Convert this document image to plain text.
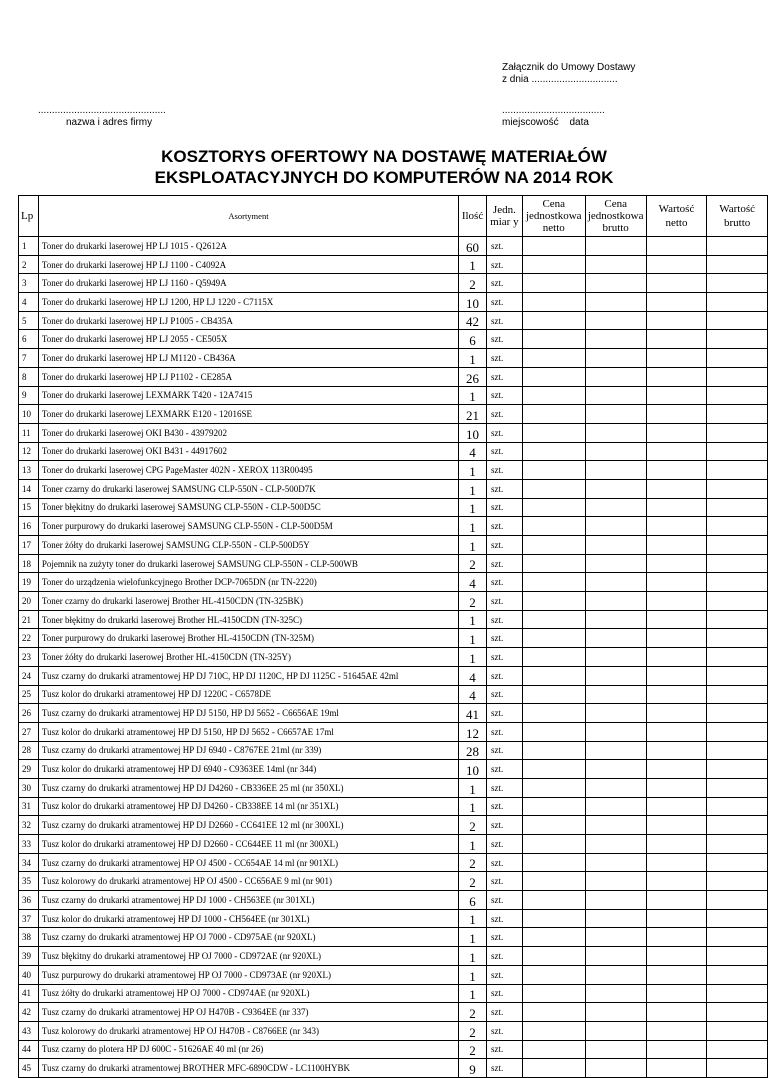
Załącznik do Umowy Dostawy
z dnia ...............................
..............................................
nazwa i adres firmy
.....................................
miejscowość data
KOSZTORYS OFERTOWY NA DOSTAWĘ MATERIAŁÓW
EKSPLOATACYJNYCH DO KOMPUTERÓW NA 2014 ROK
Lp	Asortyment	Ilość	Jedn. miar y	Cena jednostkowa netto	Cena jednostkowa brutto	Wartość netto	Wartość brutto
1	Toner do drukarki laserowej HP LJ 1015 - Q2612A	60	szt.				
2	Toner do drukarki laserowej HP LJ 1100 - C4092A	1	szt.				
3	Toner do drukarki laserowej HP LJ 1160 - Q5949A	2	szt.				
4	Toner do drukarki laserowej HP LJ 1200, HP LJ 1220 - C7115X	10	szt.				
5	Toner do drukarki laserowej HP LJ P1005 - CB435A	42	szt.				
6	Toner do drukarki laserowej HP LJ 2055 - CE505X	6	szt.				
7	Toner do drukarki laserowej HP LJ M1120 - CB436A	1	szt.				
8	Toner do drukarki laserowej HP LJ P1102 - CE285A	26	szt.				
9	Toner do drukarki laserowej LEXMARK T420 - 12A7415	1	szt.				
10	Toner do drukarki laserowej LEXMARK E120 - 12016SE	21	szt.				
11	Toner do drukarki laserowej OKI B430 - 43979202	10	szt.				
12	Toner do drukarki laserowej OKI B431 - 44917602	4	szt.				
13	Toner do drukarki laserowej CPG PageMaster 402N - XEROX 113R00495	1	szt.				
14	Toner czarny do drukarki laserowej SAMSUNG CLP-550N - CLP-500D7K	1	szt.				
15	Toner błękitny do drukarki laserowej SAMSUNG CLP-550N - CLP-500D5C	1	szt.				
16	Toner purpurowy do drukarki laserowej SAMSUNG CLP-550N - CLP-500D5M	1	szt.				
17	Toner żółty do drukarki laserowej SAMSUNG CLP-550N - CLP-500D5Y	1	szt.				
18	Pojemnik na zużyty toner do drukarki laserowej SAMSUNG CLP-550N - CLP-500WB	2	szt.				
19	Toner do urządzenia wielofunkcyjnego Brother DCP-7065DN (nr TN-2220)	4	szt.				
20	Toner czarny do drukarki laserowej Brother HL-4150CDN (TN-325BK)	2	szt.				
21	Toner błękitny do drukarki laserowej Brother HL-4150CDN (TN-325C)	1	szt.				
22	Toner purpurowy do drukarki laserowej Brother HL-4150CDN (TN-325M)	1	szt.				
23	Toner żółty do drukarki laserowej Brother HL-4150CDN (TN-325Y)	1	szt.				
24	Tusz czarny do drukarki atramentowej HP DJ 710C, HP DJ 1120C, HP DJ 1125C - 51645AE 42ml	4	szt.				
25	Tusz kolor do drukarki atramentowej HP DJ 1220C - C6578DE	4	szt.				
26	Tusz czarny do drukarki atramentowej HP DJ 5150, HP DJ 5652 - C6656AE 19ml	41	szt.				
27	Tusz kolor do drukarki atramentowej HP DJ 5150, HP DJ 5652 - C6657AE 17ml	12	szt.				
28	Tusz czarny do drukarki atramentowej HP DJ 6940 - C8767EE 21ml (nr 339)	28	szt.				
29	Tusz kolor do drukarki atramentowej HP DJ 6940 - C9363EE 14ml (nr 344)	10	szt.				
30	Tusz czarny do drukarki atramentowej HP DJ D4260 - CB336EE 25 ml (nr 350XL)	1	szt.				
31	Tusz kolor do drukarki atramentowej HP DJ D4260 - CB338EE 14 ml (nr 351XL)	1	szt.				
32	Tusz czarny do drukarki atramentowej HP DJ D2660 - CC641EE 12 ml (nr 300XL)	2	szt.				
33	Tusz kolor do drukarki atramentowej HP DJ D2660 - CC644EE 11 ml (nr 300XL)	1	szt.				
34	Tusz czarny do drukarki atramentowej HP OJ 4500 - CC654AE 14 ml (nr 901XL)	2	szt.				
35	Tusz kolorowy do drukarki atramentowej HP OJ 4500 - CC656AE 9 ml (nr 901)	2	szt.				
36	Tusz czarny do drukarki atramentowej HP DJ 1000 - CH563EE (nr 301XL)	6	szt.				
37	Tusz kolor do drukarki atramentowej HP DJ 1000 - CH564EE (nr 301XL)	1	szt.				
38	Tusz czarny do drukarki atramentowej HP OJ 7000 - CD975AE (nr 920XL)	1	szt.				
39	Tusz błękitny do drukarki atramentowej HP OJ 7000 - CD972AE (nr 920XL)	1	szt.				
40	Tusz purpurowy do drukarki atramentowej HP OJ 7000 - CD973AE (nr 920XL)	1	szt.				
41	Tusz żółty do drukarki atramentowej HP OJ 7000 - CD974AE (nr 920XL)	1	szt.				
42	Tusz czarny do drukarki atramentowej HP OJ H470B - C9364EE (nr 337)	2	szt.				
43	Tusz kolorowy do drukarki atramentowej HP OJ H470B - C8766EE (nr 343)	2	szt.				
44	Tusz czarny do plotera HP DJ 600C - 51626AE 40 ml (nr 26)	2	szt.				
45	Tusz czarny do drukarki atramentowej BROTHER MFC-6890CDW - LC1100HYBK	9	szt.				
